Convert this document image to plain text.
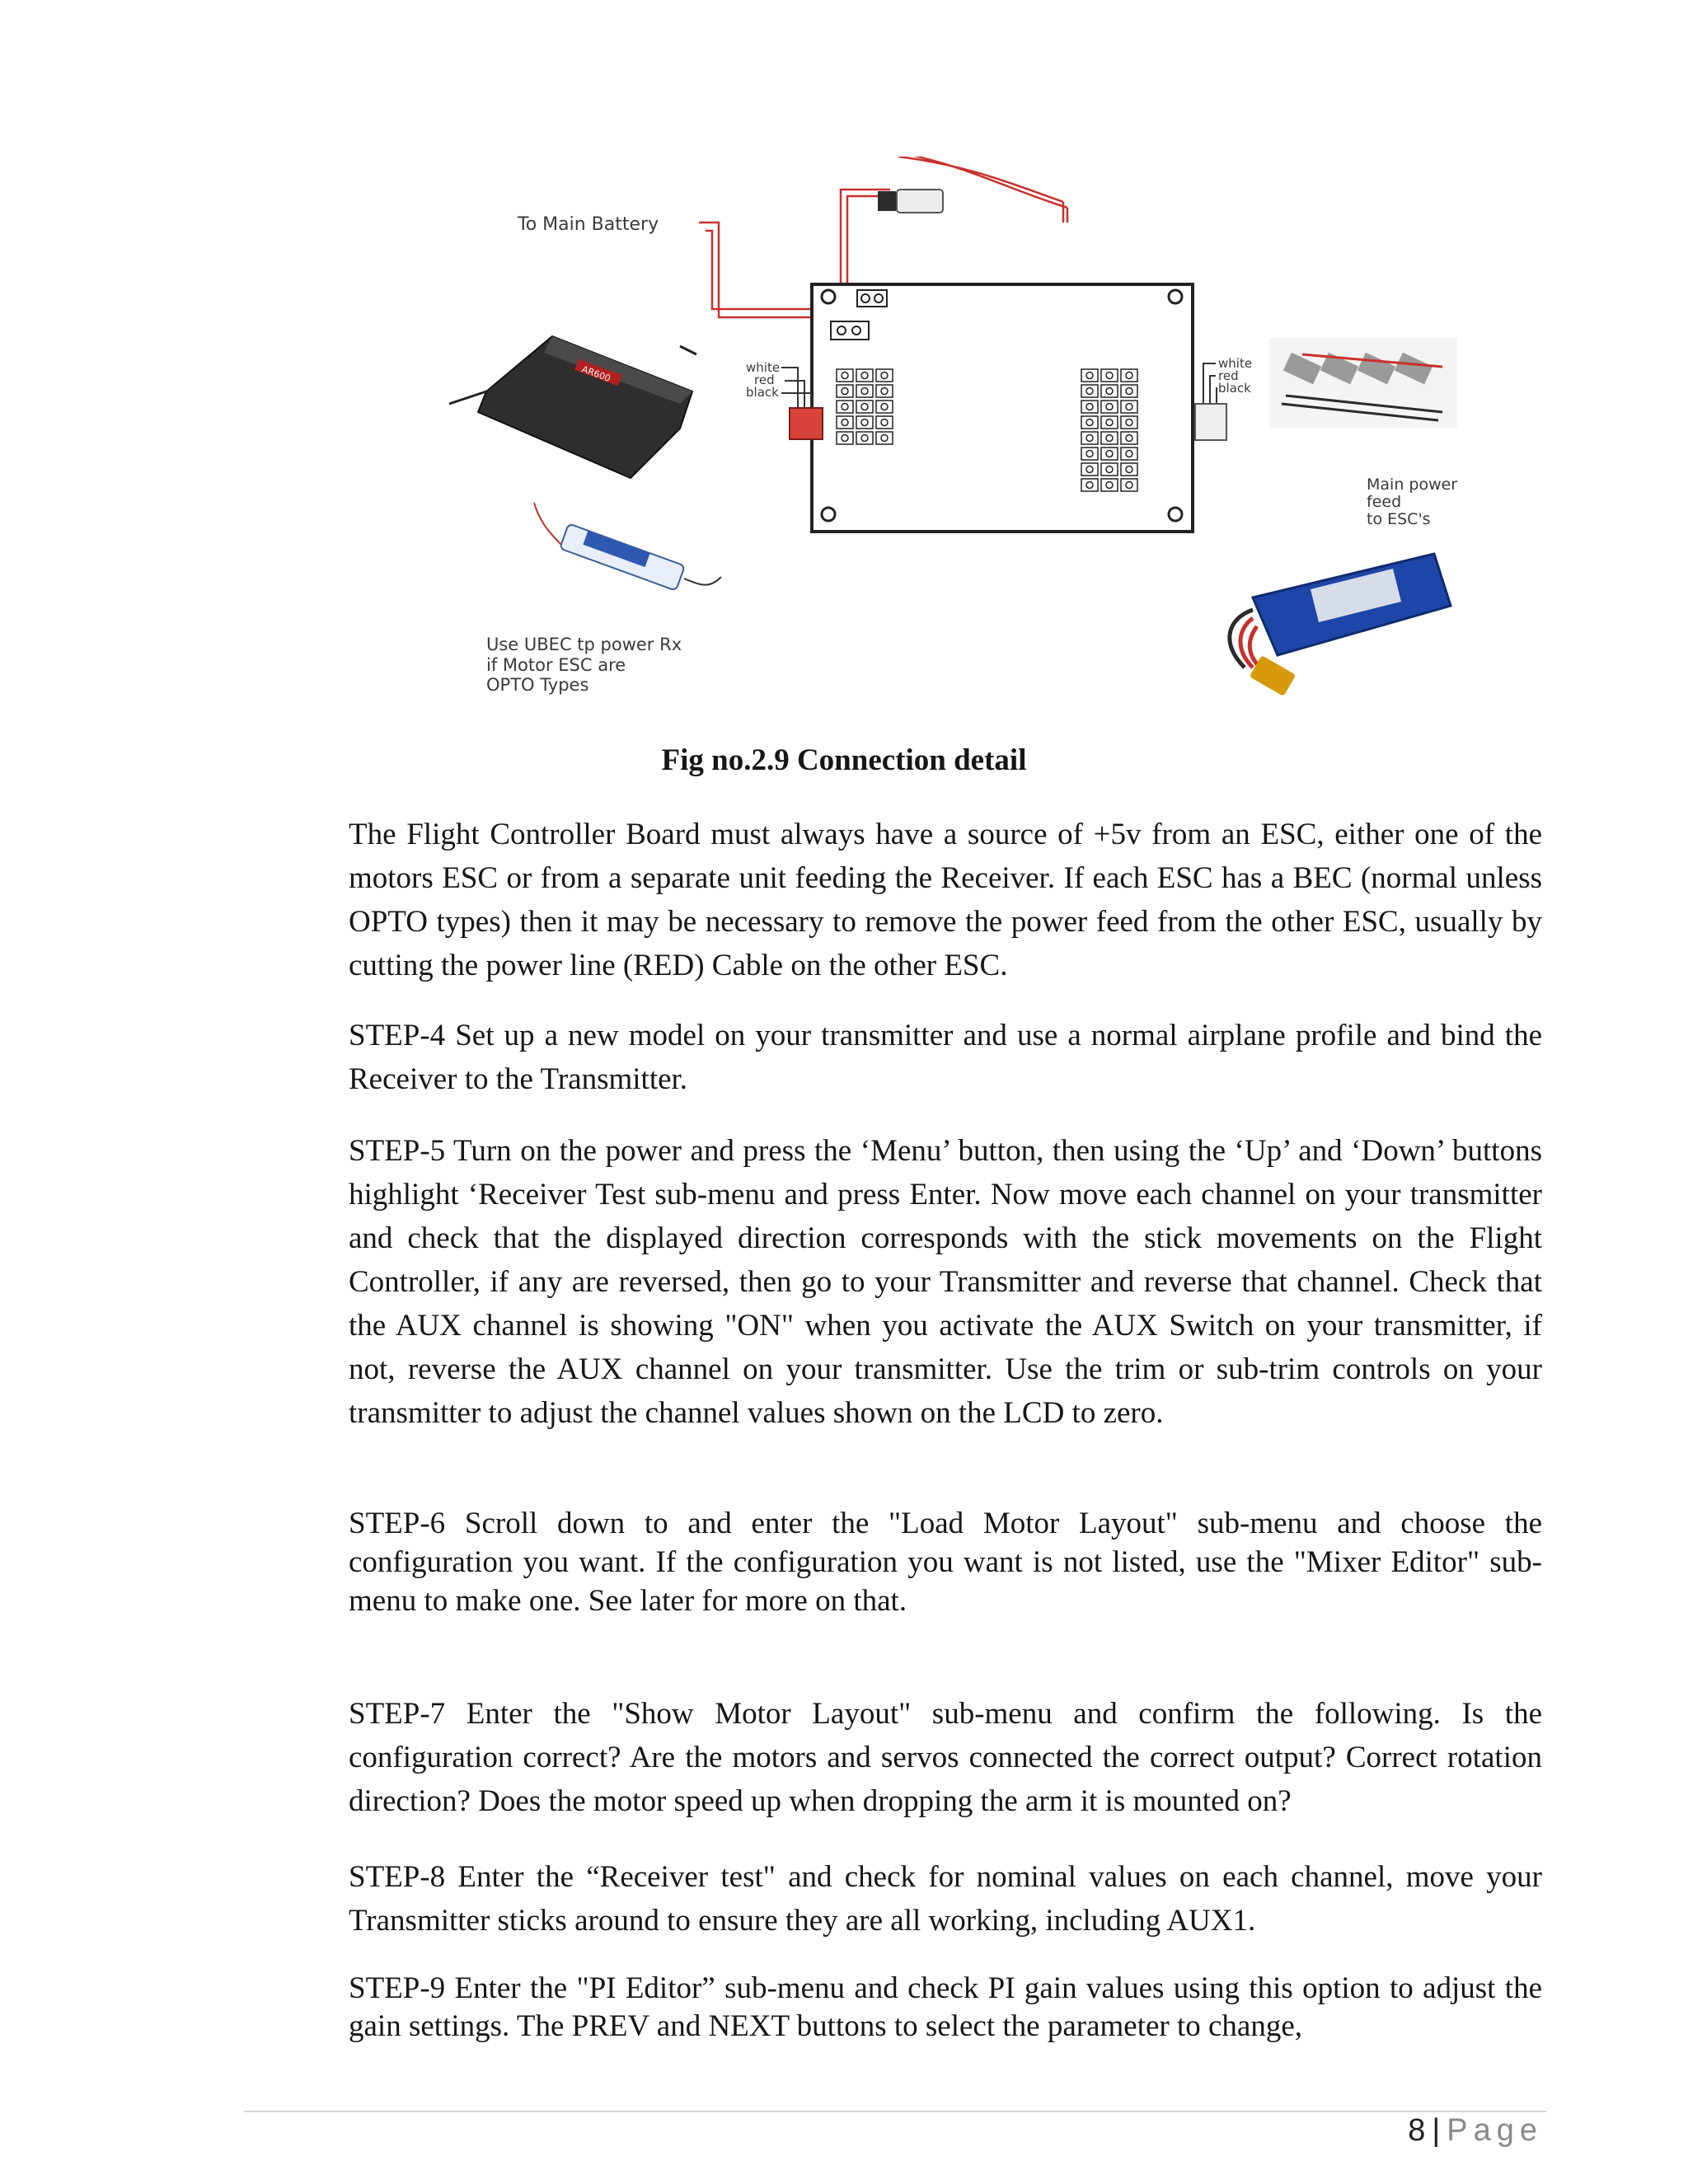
To Main Battery
white
red
black
white
red
black
AR600
Use UBEC tp power Rx
if Motor ESC are
OPTO Types
Main power
feed
to ESC's
Fig no.2.9 Connection detail

The Flight Controller Board must always have a source of +5v from an ESC, either one of the motors ESC or from a separate unit feeding the Receiver. If each ESC has a BEC (normal unless OPTO types) then it may be necessary to remove the power feed from the other ESC, usually by cutting the power line (RED) Cable on the other ESC.

STEP-4 Set up a new model on your transmitter and use a normal airplane profile and bind the Receiver to the Transmitter.

STEP-5 Turn on the power and press the ‘Menu’ button, then using the ‘Up’ and ‘Down’ buttons highlight ‘Receiver Test sub-menu and press Enter. Now move each channel on your transmitter and check that the displayed direction corresponds with the stick movements on the Flight Controller, if any are reversed, then go to your Transmitter and reverse that channel. Check that the AUX channel is showing "ON" when you activate the AUX Switch on your transmitter, if not, reverse the AUX channel on your transmitter. Use the trim or sub-trim controls on your transmitter to adjust the channel values shown on the LCD to zero.

STEP-6 Scroll down to and enter the "Load Motor Layout" sub-menu and choose the configuration you want. If the configuration you want is not listed, use the "Mixer Editor" sub-menu to make one. See later for more on that.

STEP-7 Enter the "Show Motor Layout" sub-menu and confirm the following. Is the configuration correct? Are the motors and servos connected the correct output? Correct rotation direction? Does the motor speed up when dropping the arm it is mounted on?

STEP-8 Enter the “Receiver test" and check for nominal values on each channel, move your Transmitter sticks around to ensure they are all working, including AUX1.

STEP-9 Enter the "PI Editor” sub-menu and check PI gain values using this option to adjust the gain settings. The PREV and NEXT buttons to select the parameter to change,

8 | Page
